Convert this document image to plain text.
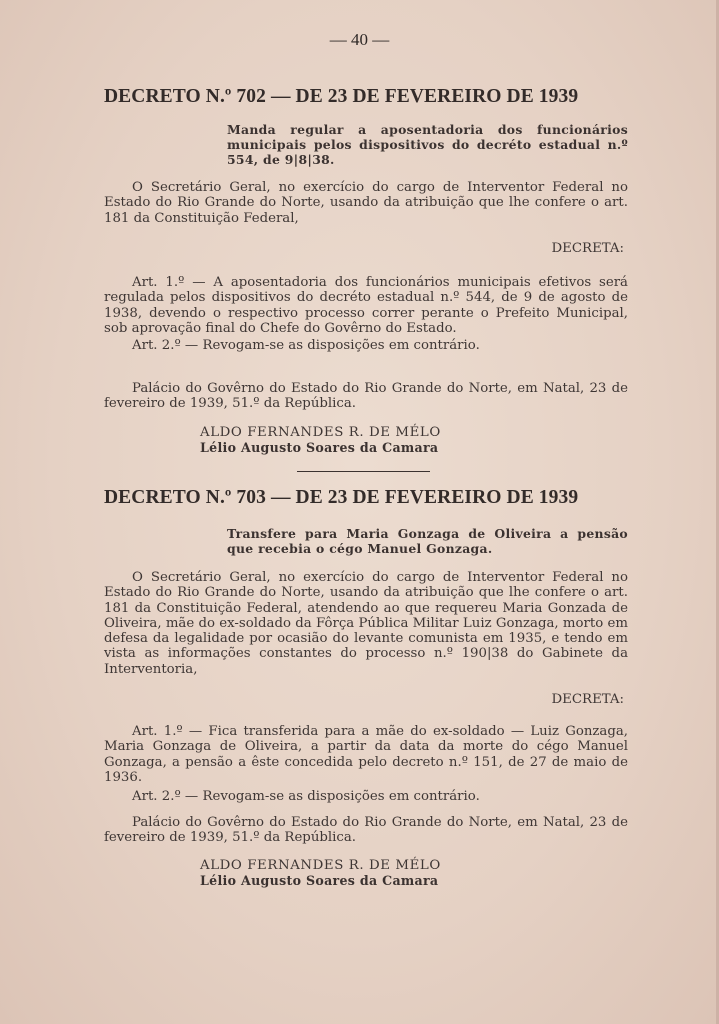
— 40 —
DECRETO N.º 702 — DE 23 DE FEVEREIRO DE 1939
Manda regular a aposentadoria dos funcionários municipais pelos dispositivos do decréto estadual n.º 554, de 9|8|38.
O Secretário Geral, no exercício do cargo de Interventor Federal no Estado do Rio Grande do Norte, usando da atribuição que lhe confere o art. 181 da Constituição Federal,
DECRETA:
Art. 1.º — A aposentadoria dos funcionários municipais efetivos será regulada pelos dispositivos do decréto estadual n.º 544, de 9 de agosto de 1938, devendo o respectivo processo correr perante o Prefeito Municipal, sob aprovação final do Chefe do Govêrno do Estado.
Art. 2.º — Revogam-se as disposições em contrário.
Palácio do Govêrno do Estado do Rio Grande do Norte, em Natal, 23 de fevereiro de 1939, 51.º da República.
ALDO FERNANDES R. DE MÉLO
Lélio Augusto Soares da Camara
DECRETO N.º 703 — DE 23 DE FEVEREIRO DE 1939
Transfere para Maria Gonzaga de Oliveira a pensão que recebia o cégo Manuel Gonzaga.
O Secretário Geral, no exercício do cargo de Interventor Federal no Estado do Rio Grande do Norte, usando da atribuição que lhe confere o art. 181 da Constituição Federal, atendendo ao que requereu Maria Gonzada de Oliveira, mãe do ex-soldado da Fôrça Pública Militar Luiz Gonzaga, morto em defesa da legalidade por ocasião do levante comunista em 1935, e tendo em vista as informações constantes do processo n.º 190|38 do Gabinete da Interventoria,
DECRETA:
Art. 1.º — Fica transferida para a mãe do ex-soldado — Luiz Gonzaga, Maria Gonzaga de Oliveira, a partir da data da morte do cégo Manuel Gonzaga, a pensão a êste concedida pelo decreto n.º 151, de 27 de maio de 1936.
Art. 2.º — Revogam-se as disposições em contrário.
Palácio do Govêrno do Estado do Rio Grande do Norte, em Natal, 23 de fevereiro de 1939, 51.º da República.
ALDO FERNANDES R. DE MÉLO
Lélio Augusto Soares da Camara
